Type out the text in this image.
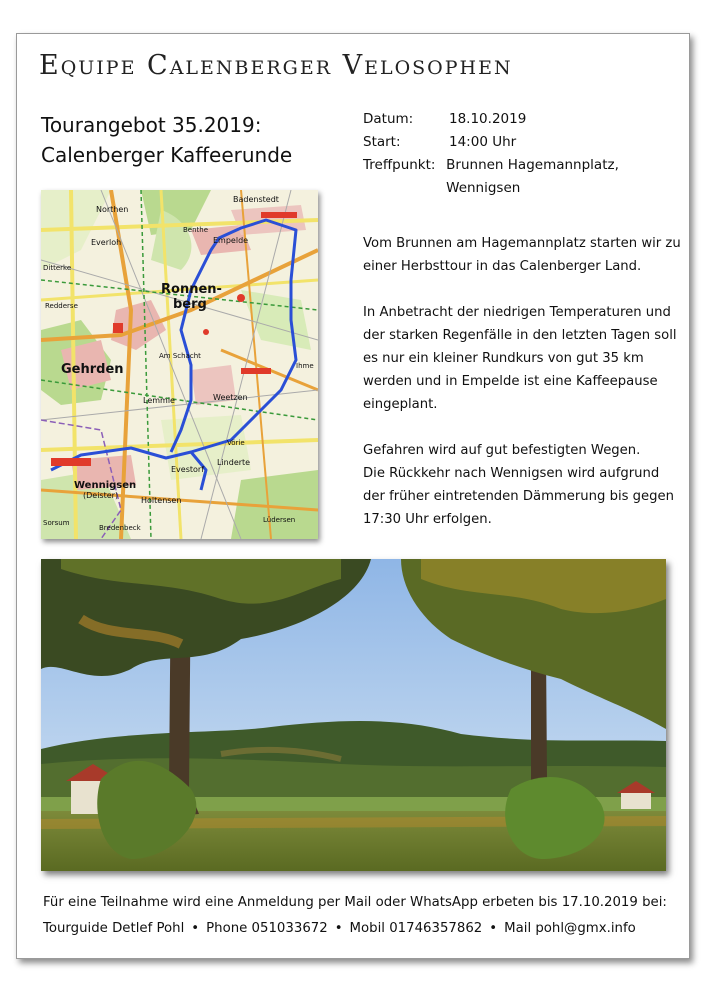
Equipe Calenberger Velosophen
Tourangebot 35.2019:
Calenberger Kaffeerunde
Datum:	18.10.2019
Start:	14:00 Uhr
Treffpunkt: Brunnen Hagemannplatz, Wennigsen
Ronnen-
berg
Gehrden
Wennigsen
(Deister)
Empelde
Weetzen
Northen
Everloh
Lemmie
Holtensen
Linderte
Evestorf
Badenstedt
Benthe
Vörie
Ditterke
Redderse
Ihme
Lüdersen
Bredenbeck
Sorsum
Am Schacht

Vom Brunnen am Hagemannplatz starten wir zu einer Herbsttour in das Calenberger Land.

In Anbetracht der niedrigen Temperaturen und der starken Regenfälle in den letzten Tagen soll es nur ein kleiner Rundkurs von gut 35 km werden und in Empelde ist eine Kaffeepause eingeplant.

Gefahren wird auf gut befestigten Wegen.
Die Rückkehr nach Wennigsen wird aufgrund der früher eintretenden Dämmerung bis gegen 17:30 Uhr erfolgen.
Für eine Teilnahme wird eine Anmeldung per Mail oder WhatsApp erbeten bis 17.10.2019 bei:
Tourguide Detlef Pohl • Phone 051033672 • Mobil 01746357862 • Mail pohl@gmx.info
